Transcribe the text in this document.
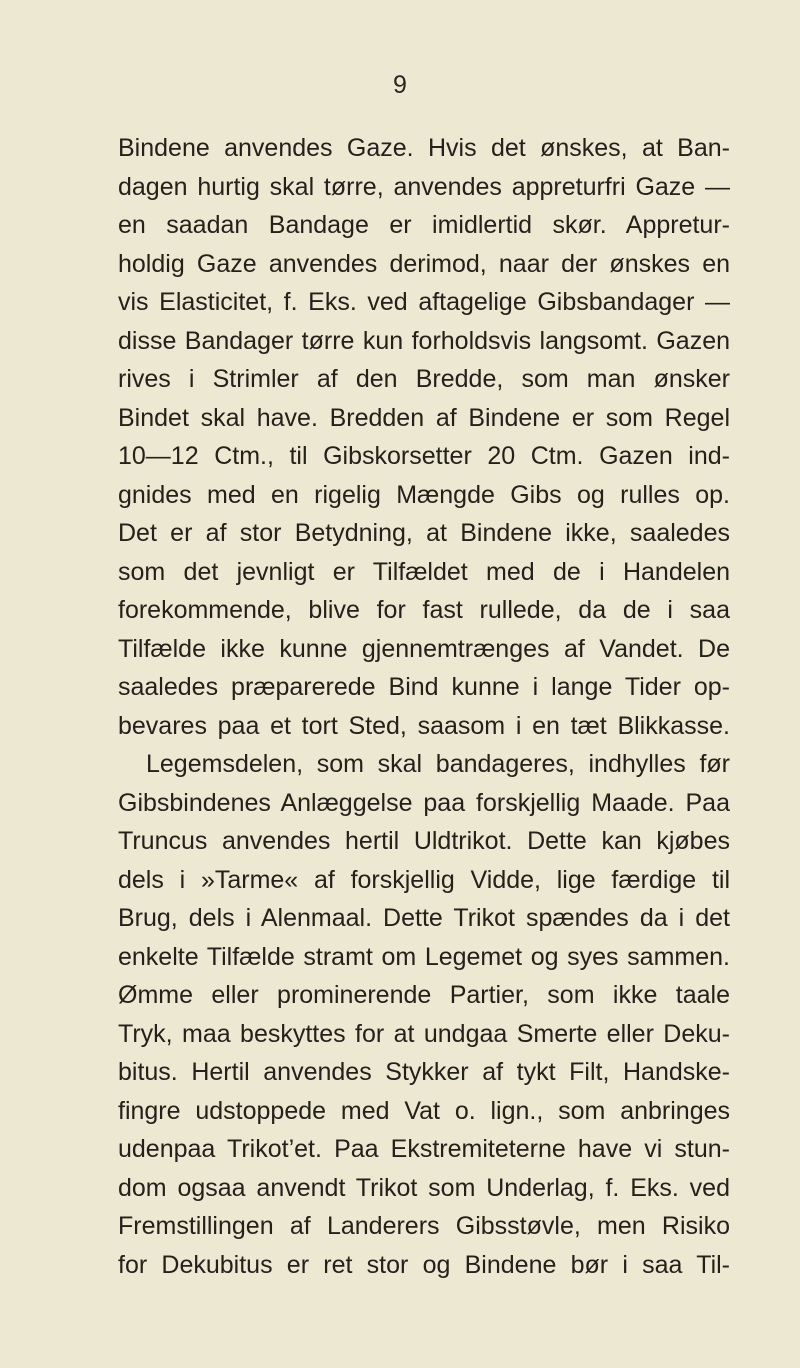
9
Bindene anvendes Gaze. Hvis det ønskes, at Ban-
dagen hurtig skal tørre, anvendes appreturfri Gaze —
en saadan Bandage er imidlertid skør. Appretur-
holdig Gaze anvendes derimod, naar der ønskes en
vis Elasticitet, f. Eks. ved aftagelige Gibsbandager —
disse Bandager tørre kun forholdsvis langsomt. Gazen
rives i Strimler af den Bredde, som man ønsker
Bindet skal have. Bredden af Bindene er som Regel
10—12 Ctm., til Gibskorsetter 20 Ctm. Gazen ind-
gnides med en rigelig Mængde Gibs og rulles op.
Det er af stor Betydning, at Bindene ikke, saaledes
som det jevnligt er Tilfældet med de i Handelen
forekommende, blive for fast rullede, da de i saa
Tilfælde ikke kunne gjennemtrænges af Vandet. De
saaledes præparerede Bind kunne i lange Tider op-
bevares paa et tort Sted, saasom i en tæt Blikkasse.
Legemsdelen, som skal bandageres, indhylles før
Gibsbindenes Anlæggelse paa forskjellig Maade. Paa
Truncus anvendes hertil Uldtrikot. Dette kan kjøbes
dels i »Tarme« af forskjellig Vidde, lige færdige til
Brug, dels i Alenmaal. Dette Trikot spændes da i det
enkelte Tilfælde stramt om Legemet og syes sammen.
Ømme eller prominerende Partier, som ikke taale
Tryk, maa beskyttes for at undgaa Smerte eller Deku-
bitus. Hertil anvendes Stykker af tykt Filt, Handske-
fingre udstoppede med Vat o. lign., som anbringes
udenpaa Trikot’et. Paa Ekstremiteterne have vi stun-
dom ogsaa anvendt Trikot som Underlag, f. Eks. ved
Fremstillingen af Landerers Gibsstøvle, men Risiko
for Dekubitus er ret stor og Bindene bør i saa Til-
